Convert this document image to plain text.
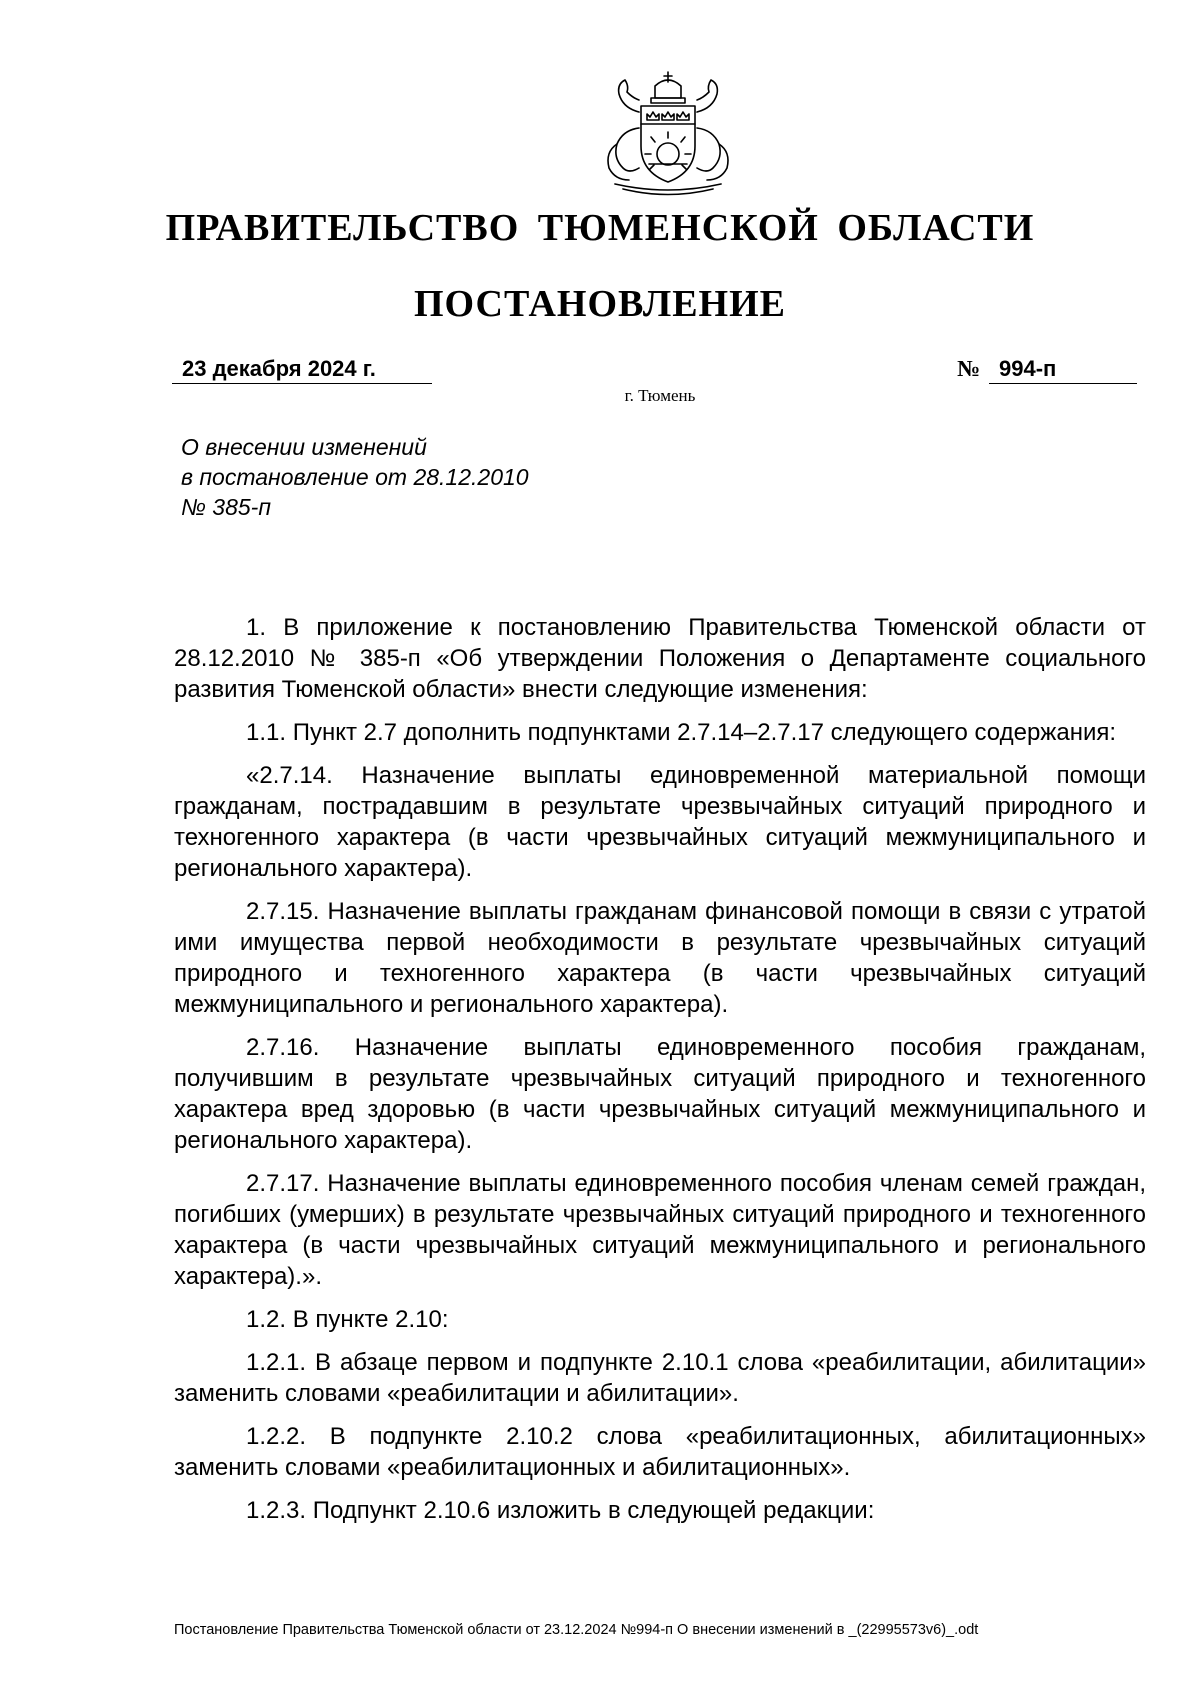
ПРАВИТЕЛЬСТВО ТЮМЕНСКОЙ ОБЛАСТИ
ПОСТАНОВЛЕНИЕ
23 декабря 2024 г.	№ 994-п
г. Тюмень
О внесении изменений
в постановление от 28.12.2010
№ 385-п

1. В приложение к постановлению Правительства Тюменской области от 28.12.2010 № 385-п «Об утверждении Положения о Департаменте социального развития Тюменской области» внести следующие изменения:

1.1. Пункт 2.7 дополнить подпунктами 2.7.14–2.7.17 следующего содержания:

«2.7.14. Назначение выплаты единовременной материальной помощи гражданам, пострадавшим в результате чрезвычайных ситуаций природного и техногенного характера (в части чрезвычайных ситуаций межмуниципального и регионального характера).

2.7.15. Назначение выплаты гражданам финансовой помощи в связи с утратой ими имущества первой необходимости в результате чрезвычайных ситуаций природного и техногенного характера (в части чрезвычайных ситуаций межмуниципального и регионального характера).

2.7.16. Назначение выплаты единовременного пособия гражданам, получившим в результате чрезвычайных ситуаций природного и техногенного характера вред здоровью (в части чрезвычайных ситуаций межмуниципального и регионального характера).

2.7.17. Назначение выплаты единовременного пособия членам семей граждан, погибших (умерших) в результате чрезвычайных ситуаций природного и техногенного характера (в части чрезвычайных ситуаций межмуниципального и регионального характера).».

1.2. В пункте 2.10:

1.2.1. В абзаце первом и подпункте 2.10.1 слова «реабилитации, абилитации» заменить словами «реабилитации и абилитации».

1.2.2. В подпункте 2.10.2 слова «реабилитационных, абилитационных» заменить словами «реабилитационных и абилитационных».

1.2.3. Подпункт 2.10.6 изложить в следующей редакции:

Постановление Правительства Тюменской области от 23.12.2024 №994-п О внесении изменений в _(22995573v6)_.odt
